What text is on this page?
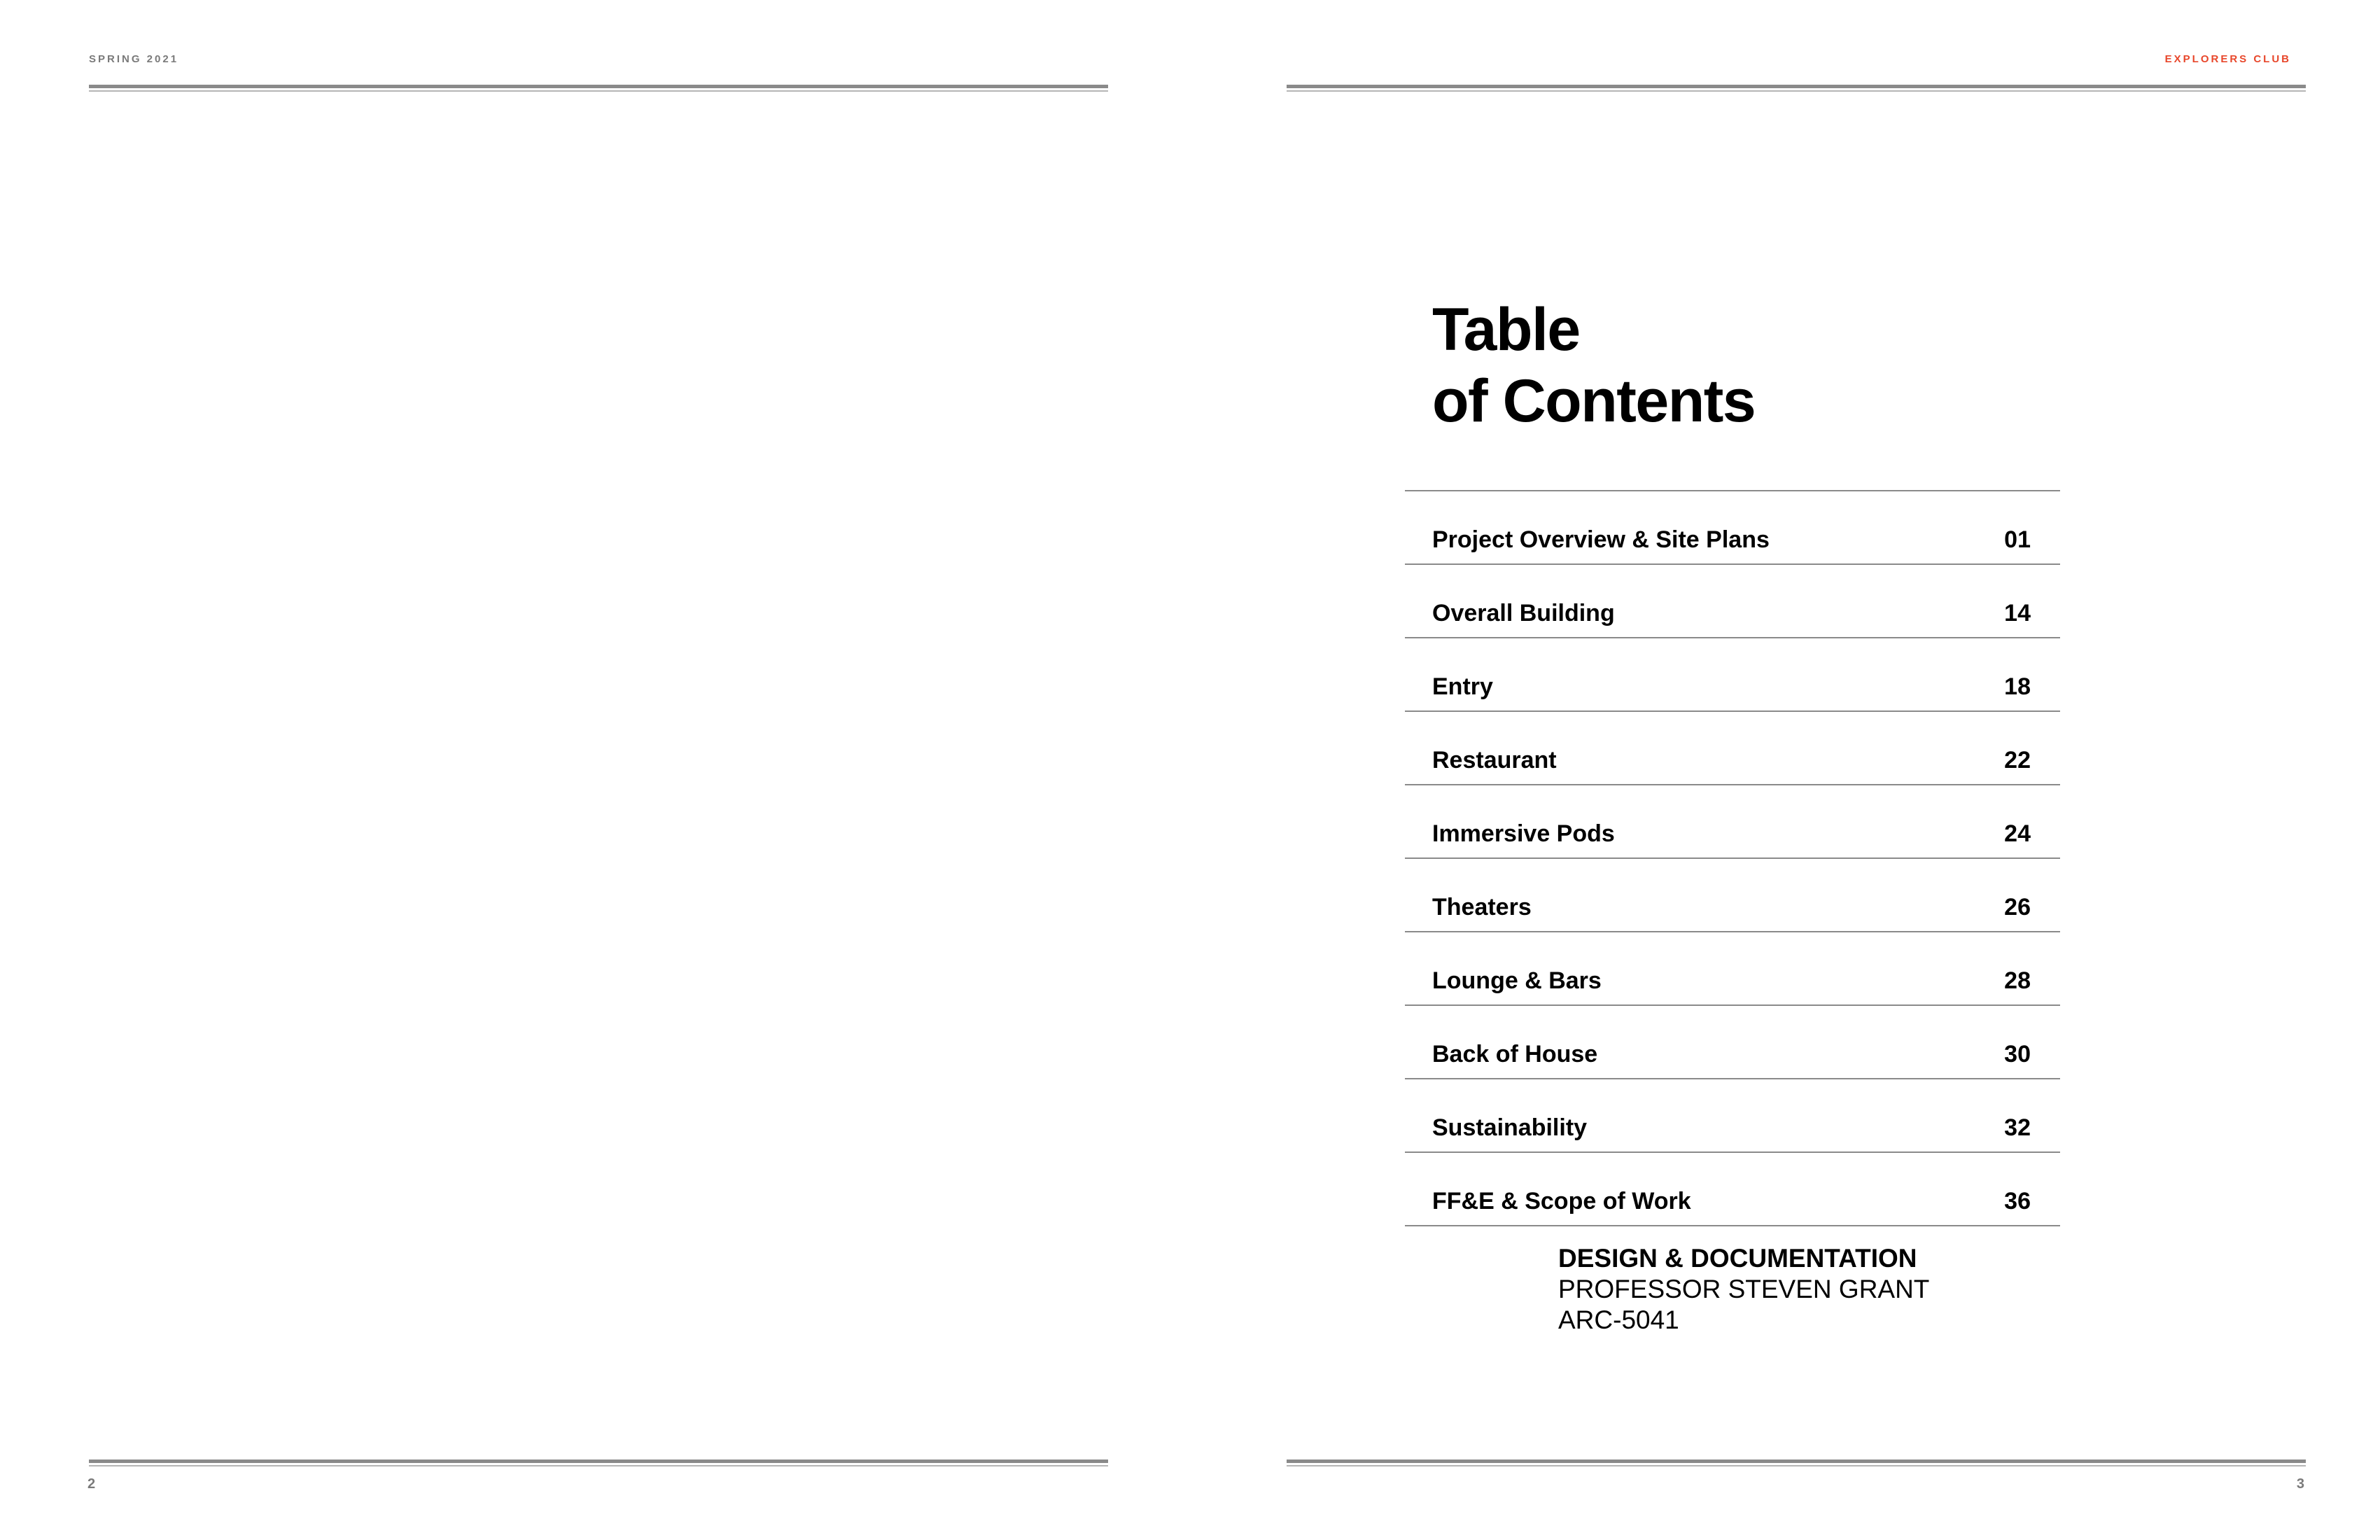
SPRING 2021
2
EXPLORERS CLUB
Table
of Contents
Project Overview & Site Plans	01
Overall Building	14
Entry	18
Restaurant	22
Immersive Pods	24
Theaters	26
Lounge & Bars	28
Back of House	30
Sustainability	32
FF&E & Scope of Work	36
DESIGN & DOCUMENTATION
PROFESSOR STEVEN GRANT
ARC-5041
3
